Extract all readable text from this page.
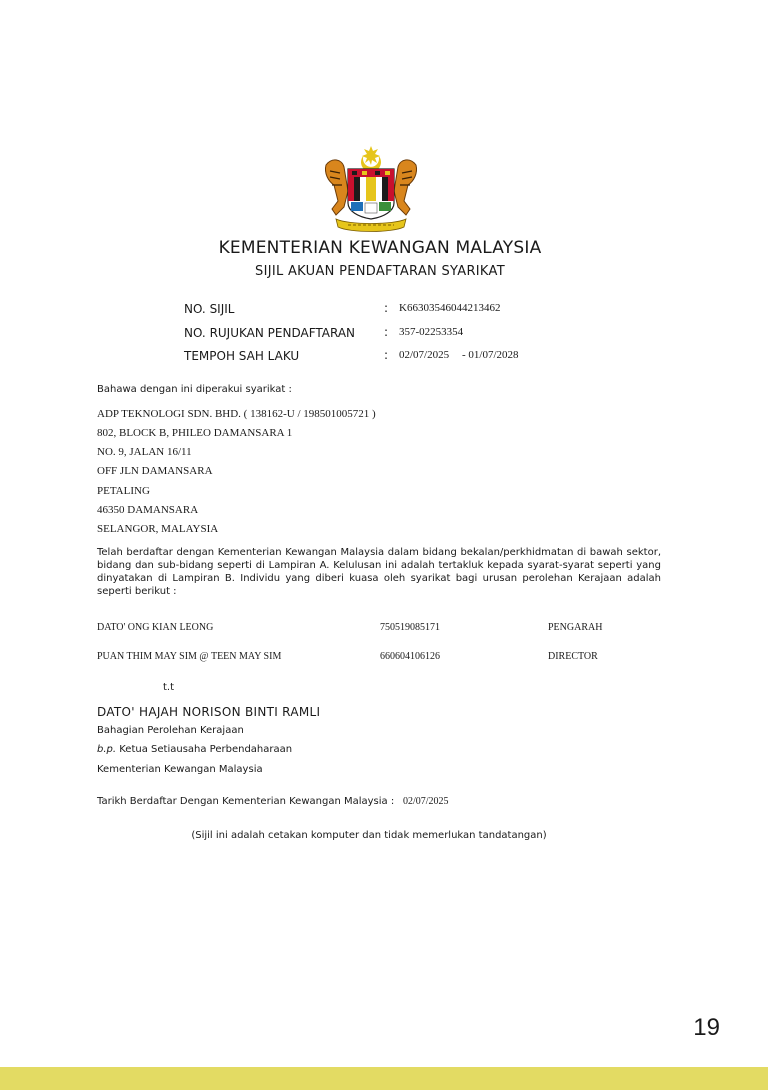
KEMENTERIAN KEWANGAN MALAYSIA
SIJIL AKUAN PENDAFTARAN SYARIKAT
NO. SIJIL	: K66303546044213462
NO. RUJUKAN PENDAFTARAN : 357-02253354
TEMPOH SAH LAKU	: 02/07/2025 - 01/07/2028
Bahawa dengan ini diperakui syarikat :
ADP TEKNOLOGI SDN. BHD. ( 138162-U / 198501005721 )
802, BLOCK B, PHILEO DAMANSARA 1
NO. 9, JALAN 16/11
OFF JLN DAMANSARA
PETALING
46350 DAMANSARA
SELANGOR, MALAYSIA
Telah berdaftar dengan Kementerian Kewangan Malaysia dalam bidang bekalan/perkhidmatan di bawah sektor, bidang dan sub-bidang seperti di Lampiran A. Kelulusan ini adalah tertakluk kepada syarat-syarat seperti yang dinyatakan di Lampiran B. Individu yang diberi kuasa oleh syarikat bagi urusan perolehan Kerajaan adalah seperti berikut :
DATO' ONG KIAN LEONG	750519085171	PENGARAH
PUAN THIM MAY SIM @ TEEN MAY SIM	660604106126	DIRECTOR
t.t
DATO' HAJAH NORISON BINTI RAMLI
Bahagian Perolehan Kerajaan
b.p. Ketua Setiausaha Perbendaharaan
Kementerian Kewangan Malaysia
Tarikh Berdaftar Dengan Kementerian Kewangan Malaysia : 02/07/2025
(Sijil ini adalah cetakan komputer dan tidak memerlukan tandatangan)
19
